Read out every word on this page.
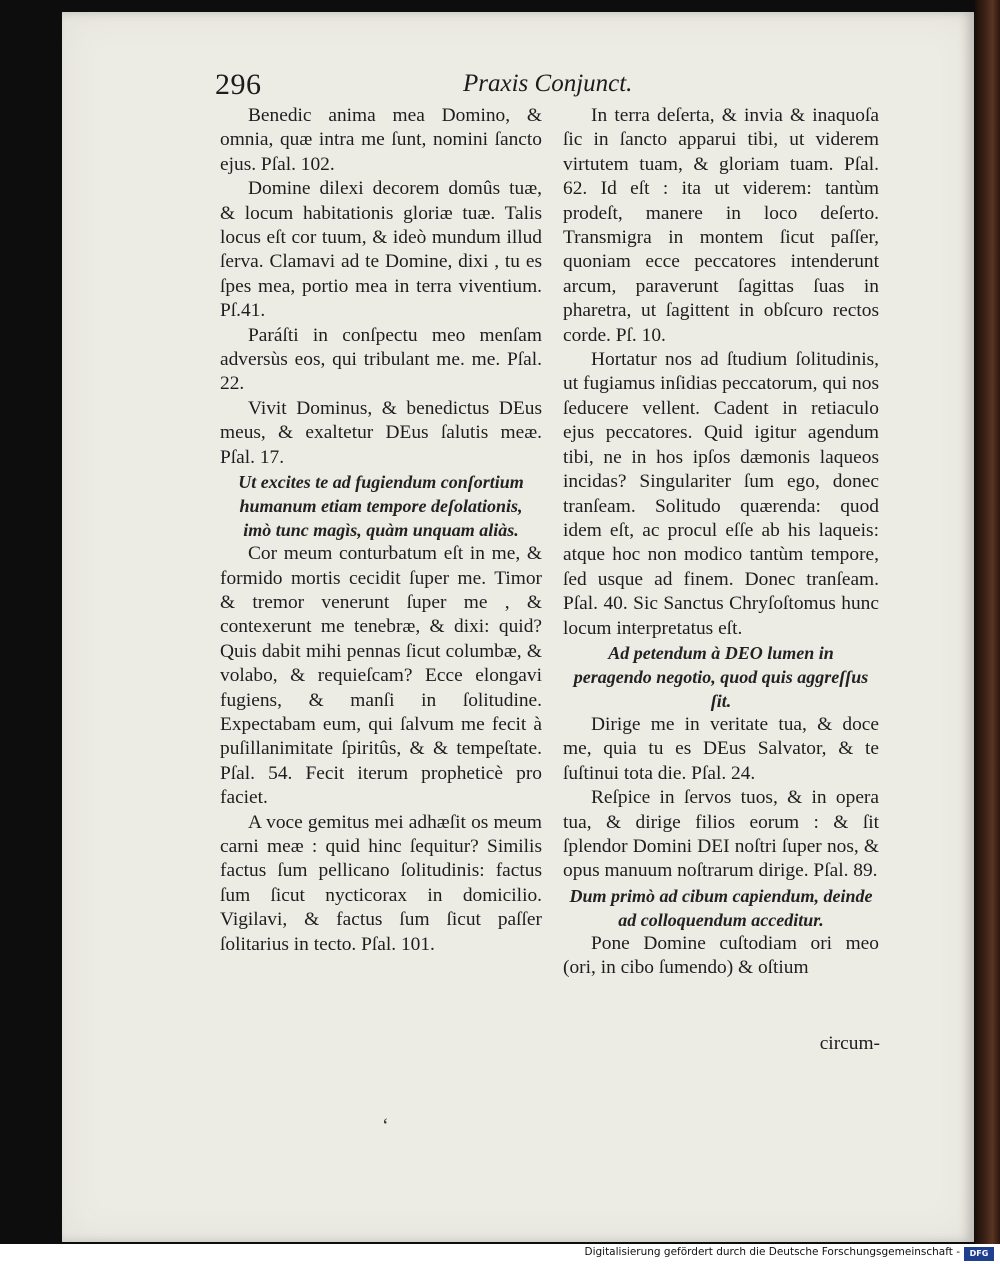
296	Praxis Conjunct.

Benedic anima mea Domino, & omnia, quæ intra me ſunt, nomini ſancto ejus. Pſal. 102.

Domine dilexi decorem domûs tuæ, & locum habitationis gloriæ tuæ. Talis locus eſt cor tuum, & ideò mundum illud ſerva. Clamavi ad te Domine, dixi , tu es ſpes mea, portio mea in terra viventium. Pſ.41.

Paráſti in conſpectu meo menſam adversùs eos, qui tribulant me. me. Pſal. 22.

Vivit Dominus, & benedictus DEus meus, & exaltetur DEus ſalutis meæ. Pſal. 17.

Ut excites te ad fugiendum conſortium humanum etiam tempore deſolationis, imò tunc magìs, quàm unquam aliàs.

Cor meum conturbatum eſt in me, & formido mortis cecidit ſuper me. Timor & tremor venerunt ſuper me , & contexerunt me tenebræ, & dixi: quid? Quis dabit mihi pennas ſicut columbæ, & volabo, & requieſcam? Ecce elongavi fugiens, & manſi in ſolitudine. Expectabam eum, qui ſalvum me fecit à puſillanimitate ſpiritûs, & & tempeſtate. Pſal. 54. Fecit iterum propheticè pro faciet.

A voce gemitus mei adhæſit os meum carni meæ : quid hinc ſequitur? Similis factus ſum pellicano ſolitudinis: factus ſum ſicut nycticorax in domicilio. Vigilavi, & factus ſum ſicut paſſer ſolitarius in tecto. Pſal. 101.

In terra deſerta, & invia & inaquoſa ſic in ſancto apparui tibi, ut viderem virtutem tuam, & gloriam tuam. Pſal. 62. Id eſt : ita ut viderem: tantùm prodeſt, manere in loco deſerto. Transmigra in montem ſicut paſſer, quoniam ecce peccatores intenderunt arcum, paraverunt ſagittas ſuas in pharetra, ut ſagittent in obſcuro rectos corde. Pſ. 10.

Hortatur nos ad ſtudium ſolitudinis, ut fugiamus inſidias peccatorum, qui nos ſeducere vellent. Cadent in retiaculo ejus peccatores. Quid igitur agendum tibi, ne in hos ipſos dæmonis laqueos incidas? Singulariter ſum ego, donec tranſeam. Solitudo quærenda: quod idem eſt, ac procul eſſe ab his laqueis: atque hoc non modico tantùm tempore, ſed usque ad finem. Donec tranſeam. Pſal. 40. Sic Sanctus Chryſoſtomus hunc locum interpretatus eſt.

Ad petendum à DEO lumen in peragendo negotio, quod quis aggreſſus ſit.

Dirige me in veritate tua, & doce me, quia tu es DEus Salvator, & te ſuſtinui tota die. Pſal. 24.

Reſpice in ſervos tuos, & in opera tua, & dirige filios eorum : & ſit ſplendor Domini DEI noſtri ſuper nos, & opus manuum noſtrarum dirige. Pſal. 89.

Dum primò ad cibum capiendum, deinde ad colloquendum acceditur.

Pone Domine cuſtodiam ori meo (ori, in cibo ſumendo) & oſtium

circum-
ʻ
Digitalisierung gefördert durch die Deutsche Forschungsgemeinschaft -	DFG
